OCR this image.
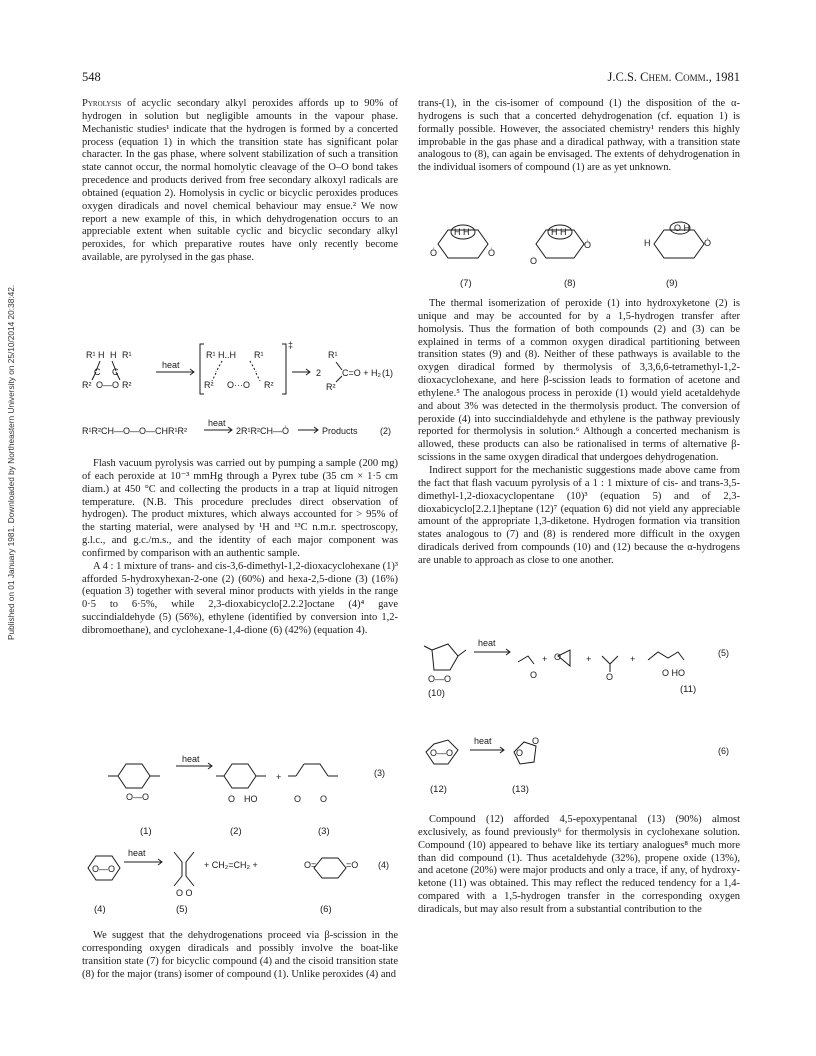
Published on 01 January 1981. Downloaded by Northeastern University on 25/10/2014 20:38:42.
548	J.C.S. Chem. Comm., 1981

Pyrolysis of acyclic secondary alkyl peroxides affords up to 90% of hydrogen in solution but negligible amounts in the vapour phase. Mechanistic studies¹ indicate that the hydrogen is formed by a concerted process (equation 1) in which the transition state has significant polar character. In the gas phase, where solvent stabilization of such a transition state cannot occur, the normal homolytic cleavage of the O–O bond takes precedence and products derived from free secondary alkoxyl radicals are obtained (equation 2). Homolysis in cyclic or bicyclic peroxides produces oxygen diradicals and novel chemical behaviour may ensue.² We now report a new example of this, in which dehydrogenation occurs to an appreciable extent when suitable cyclic and bicyclic secondary alkyl peroxides, for which preparative routes have only recently become available, are pyrolysed in the gas phase.

R¹ H H R¹
C C
R² O—O R²
heat
‡
R¹ H..H R¹
R² O···O R²
2
R¹
R²
C=O + H₂ (1)
R¹R²CH—O—O—CHR¹R²
heat
2R¹R²CH—Ȯ	Products (2)

Flash vacuum pyrolysis was carried out by pumping a sample (200 mg) of each peroxide at 10⁻³ mmHg through a Pyrex tube (35 cm × 1·5 cm diam.) at 450 °C and collecting the products in a trap at liquid nitrogen temperature. (N.B. This procedure precludes direct observation of hydrogen). The product mixtures, which always accounted for > 95% of the starting material, were analysed by ¹H and ¹³C n.m.r. spectroscopy, g.l.c., and g.c./m.s., and the identity of each major component was confirmed by comparison with an authentic sample.

A 4 : 1 mixture of trans- and cis-3,6-dimethyl-1,2-dioxacyclohexane (1)³ afforded 5-hydroxyhexan-2-one (2) (60%) and hexa-2,5-dione (3) (16%) (equation 3) together with several minor products with yields in the range 0·5 to 6·5%, while 2,3-dioxabicyclo[2.2.2]octane (4)⁴ gave succindialdehyde (5) (56%), ethylene (identified by conversion into 1,2-dibromoethane), and cyclohexane-1,4-dione (6) (42%) (equation 4).

O—O
heat
O HO
+
O O
(3)
(1)	(2)	(3)
O—O
heat
O O
+ CH₂=CH₂ +	O=	=O (4)
(4)	(5)	(6)

We suggest that the dehydrogenations proceed via β-scission in the corresponding oxygen diradicals and possibly involve the boat-like transition state (7) for bicyclic compound (4) and the cisoid transition state (8) for the major (trans) isomer of compound (1). Unlike peroxides (4) and

trans-(1), in the cis-isomer of compound (1) the disposition of the α-hydrogens is such that a concerted dehydrogenation (cf. equation 1) is formally possible. However, the associated chemistry¹ renders this highly improbable in the gas phase and a diradical pathway, with a transition state analogous to (8), can again be envisaged. The extents of dehydrogenation in the individual isomers of compound (1) are as yet unknown.

H H
Ȯ	Ȯ
H H
O
Ȯ	H
O H
Ȯ
(7)	(8)	(9)

The thermal isomerization of peroxide (1) into hydroxyketone (2) is unique and may be accounted for by a 1,5-hydrogen transfer after homolysis. Thus the formation of both compounds (2) and (3) can be explained in terms of a common oxygen diradical partitioning between transition states (9) and (8). Neither of these pathways is available to the oxygen diradical formed by thermolysis of 3,3,6,6-tetramethyl-1,2-dioxacyclohexane, and here β-scission leads to formation of acetone and ethylene.⁵ The analogous process in peroxide (1) would yield acetaldehyde and about 3% was detected in the thermolysis product. The conversion of peroxide (4) into succindialdehyde and ethylene is the pathway previously reported for thermolysis in solution.⁶ Although a concerted mechanism is allowed, these products can also be rationalised in terms of alternative β-scissions in the same oxygen diradical that undergoes dehydrogenation.

Indirect support for the mechanistic suggestions made above came from the fact that flash vacuum pyrolysis of a 1 : 1 mixture of cis- and trans-3,5-dimethyl-1,2-dioxacyclopentane (10)³ (equation 5) and of 2,3-dioxabicyclo[2.2.1]heptane (12)⁷ (equation 6) did not yield any appreciable amount of the appropriate 1,3-diketone. Hydrogen formation via transition states analogous to (7) and (8) is rendered more difficult in the oxygen diradicals derived from compounds (10) and (12) because the α-hydrogens are unable to approach as close to one another.

O—O
heat
O
+ O	+
O
+
O HO
(5)
(10)	(11)
O—O
heat	O
O	(6)
(12)	(13)

Compound (12) afforded 4,5-epoxypentanal (13) (90%) almost exclusively, as found previously⁶ for thermolysis in cyclohexane solution. Compound (10) appeared to behave like its tertiary analogues⁸ much more than did compound (1). Thus acetaldehyde (32%), propene oxide (13%), and acetone (20%) were major products and only a trace, if any, of hydroxy-ketone (11) was obtained. This may reflect the reduced tendency for a 1,4- compared with a 1,5-hydrogen transfer in the corresponding oxygen diradicals, but may also result from a substantial contribution to the
